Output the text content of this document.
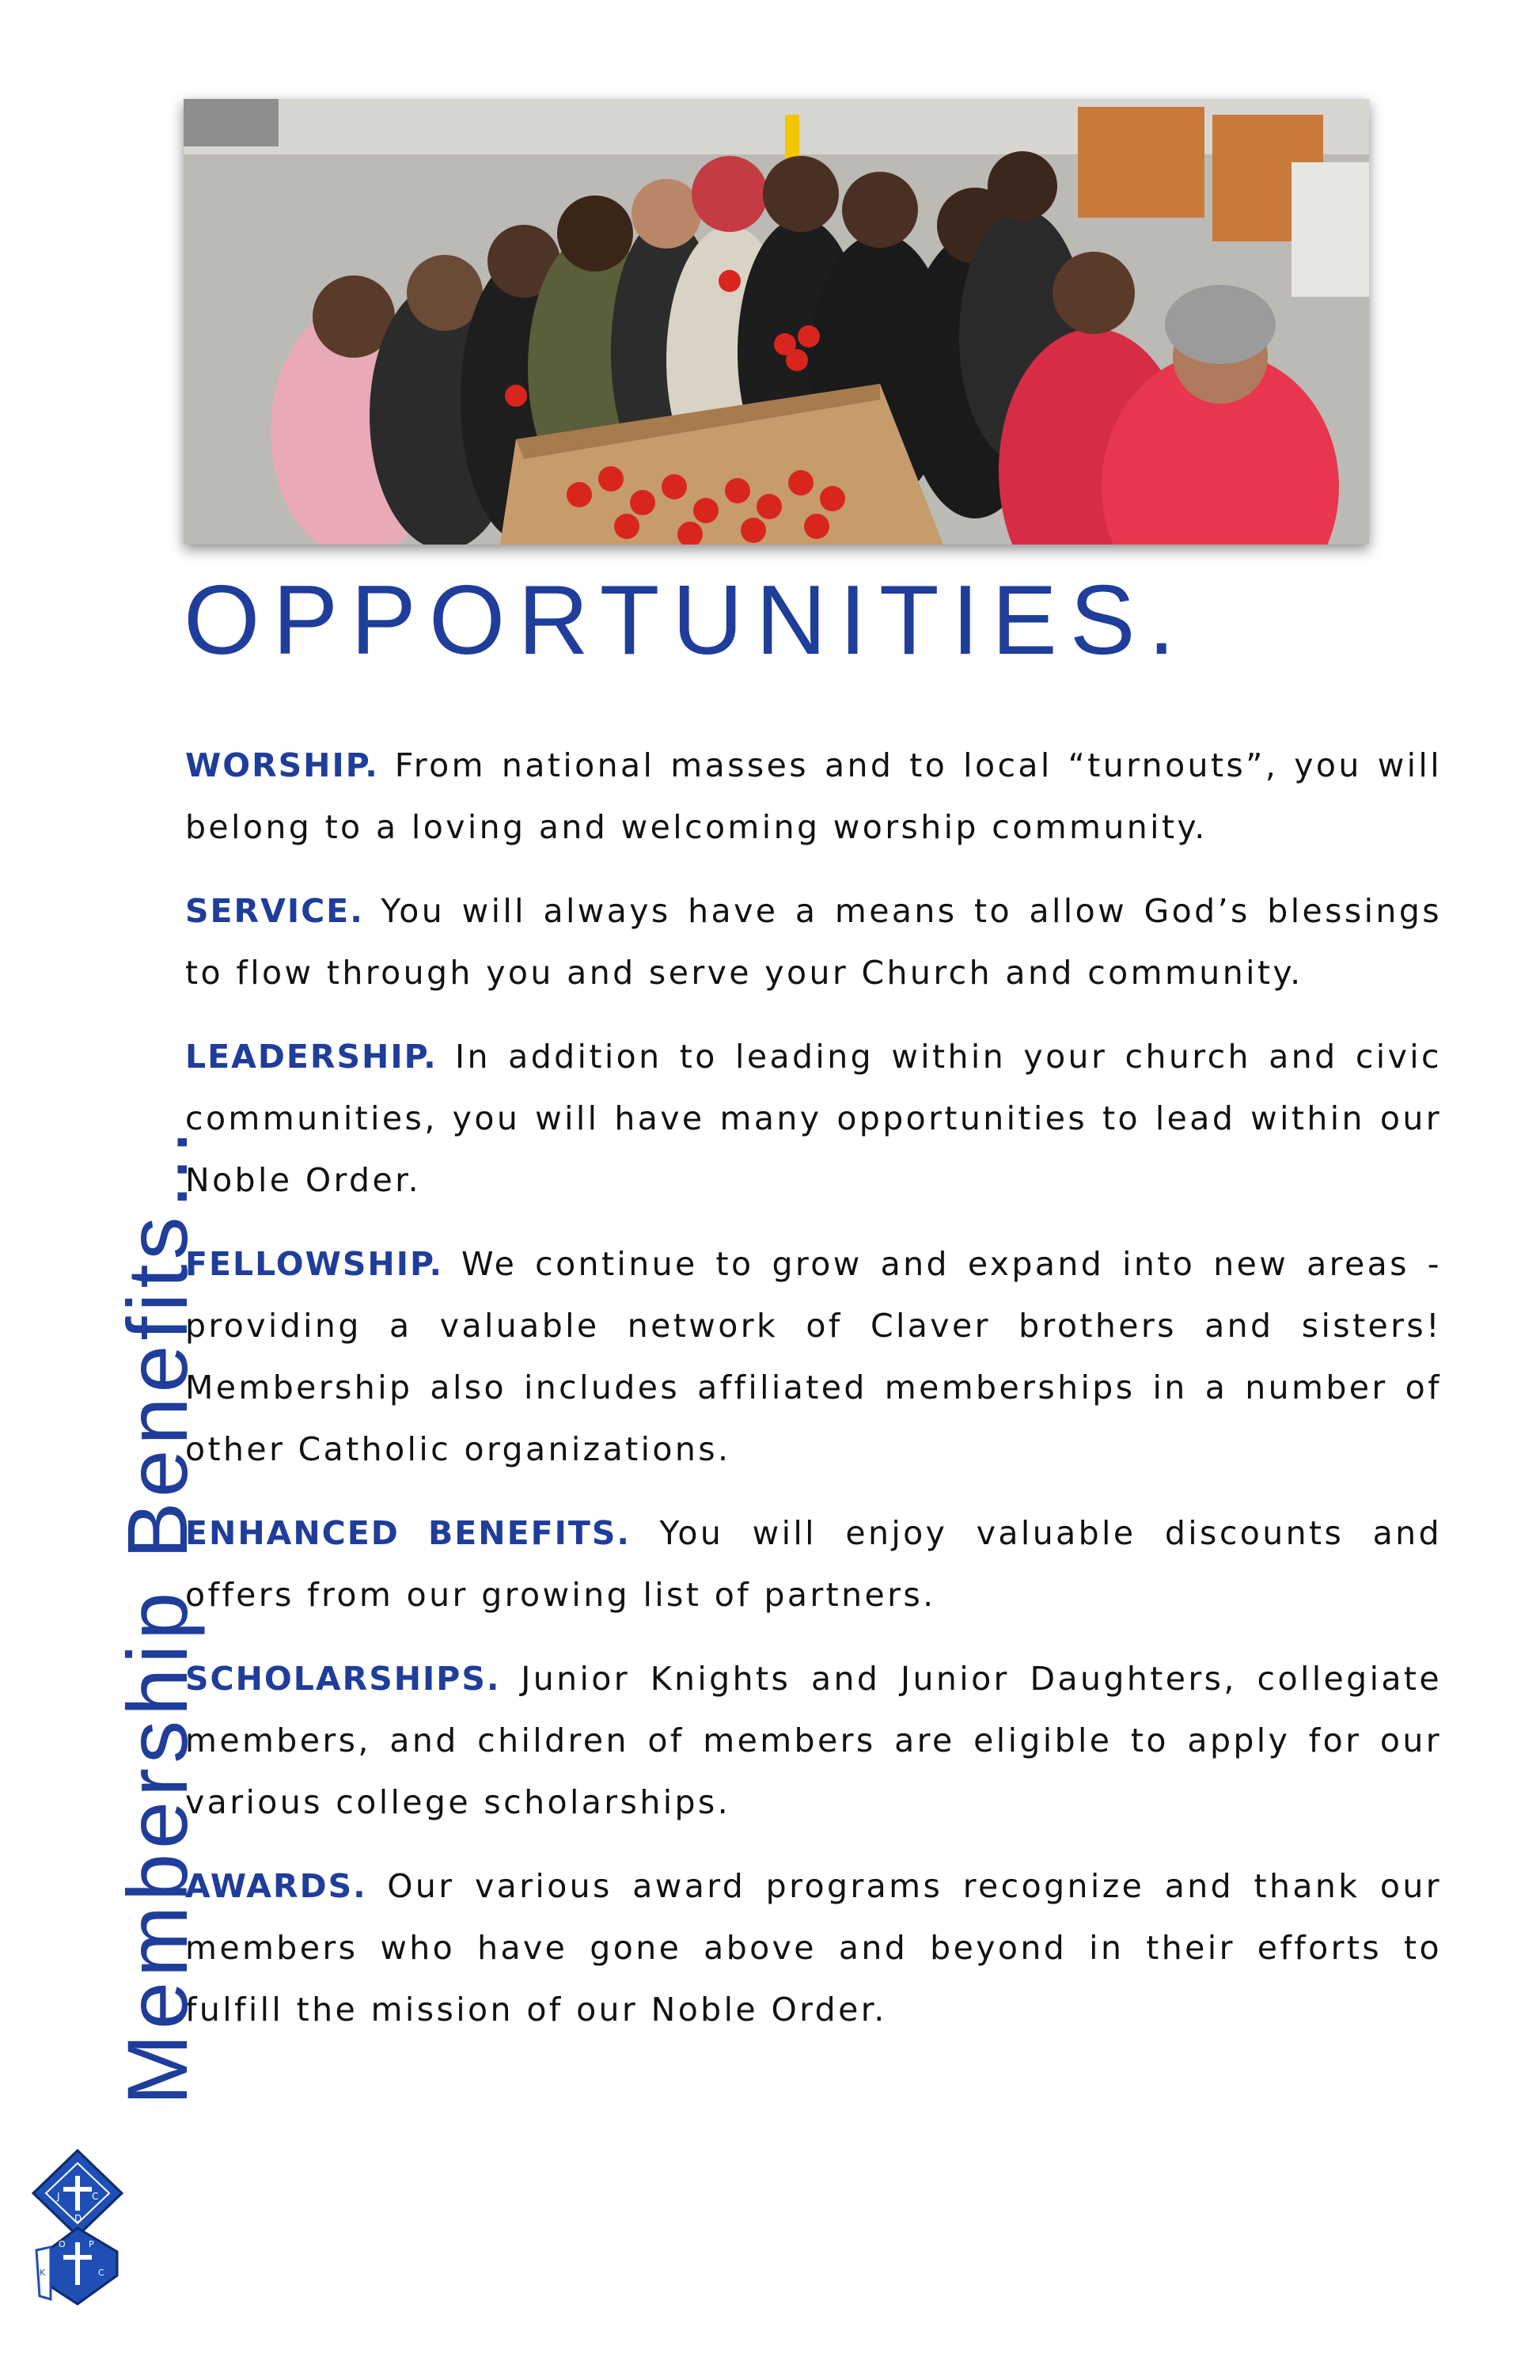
OPPORTUNITIES.

WORSHIP. From national masses and to local “turnouts”, you will belong to a loving and welcoming worship community.

SERVICE. You will always have a means to allow God’s blessings to flow through you and serve your Church and community.

LEADERSHIP. In addition to leading within your church and civic communities, you will have many opportunities to lead within our Noble Order.

FELLOWSHIP. We continue to grow and expand into new areas - providing a valuable network of Claver brothers and sisters! Membership also includes affiliated memberships in a number of other Catholic organizations.

ENHANCED BENEFITS. You will enjoy valuable discounts and offers from our growing list of partners.

SCHOLARSHIPS. Junior Knights and Junior Daughters, collegiate members, and children of members are eligible to apply for our various college scholarships.

AWARDS. Our various award programs recognize and thank our members who have gone above and beyond in their efforts to fulfill the mission of our Noble Order.

Membership Benefits…
J
D
C
O	P
C
K
